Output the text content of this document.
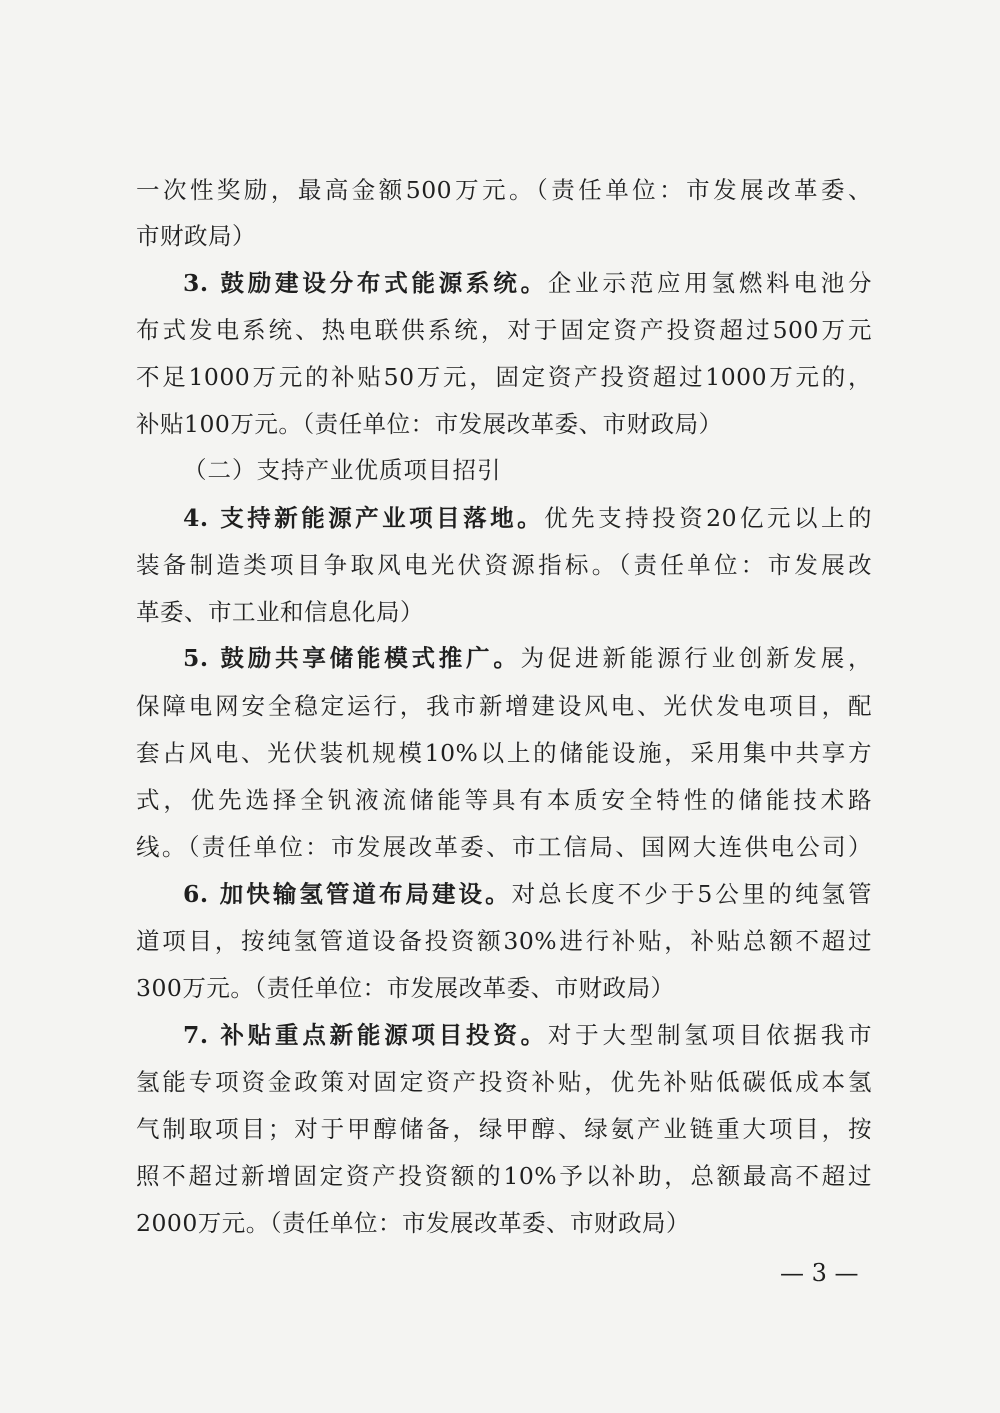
一次性奖励，最高金额500万元。（责任单位：市发展改革委、
市财政局）
3. 鼓励建设分布式能源系统。企业示范应用氢燃料电池分
布式发电系统、热电联供系统，对于固定资产投资超过500万元
不足1000万元的补贴50万元，固定资产投资超过1000万元的，
补贴100万元。（责任单位：市发展改革委、市财政局）
（二）支持产业优质项目招引
4. 支持新能源产业项目落地。优先支持投资20亿元以上的
装备制造类项目争取风电光伏资源指标。（责任单位：市发展改
革委、市工业和信息化局）
5. 鼓励共享储能模式推广。为促进新能源行业创新发展，
保障电网安全稳定运行，我市新增建设风电、光伏发电项目，配
套占风电、光伏装机规模10%以上的储能设施，采用集中共享方
式，优先选择全钒液流储能等具有本质安全特性的储能技术路
线。（责任单位：市发展改革委、市工信局、国网大连供电公司）
6. 加快输氢管道布局建设。对总长度不少于5公里的纯氢管
道项目，按纯氢管道设备投资额30%进行补贴，补贴总额不超过
300万元。（责任单位：市发展改革委、市财政局）
7. 补贴重点新能源项目投资。对于大型制氢项目依据我市
氢能专项资金政策对固定资产投资补贴，优先补贴低碳低成本氢
气制取项目；对于甲醇储备，绿甲醇、绿氨产业链重大项目，按
照不超过新增固定资产投资额的10%予以补助，总额最高不超过
2000万元。（责任单位：市发展改革委、市财政局）
— 3 —
